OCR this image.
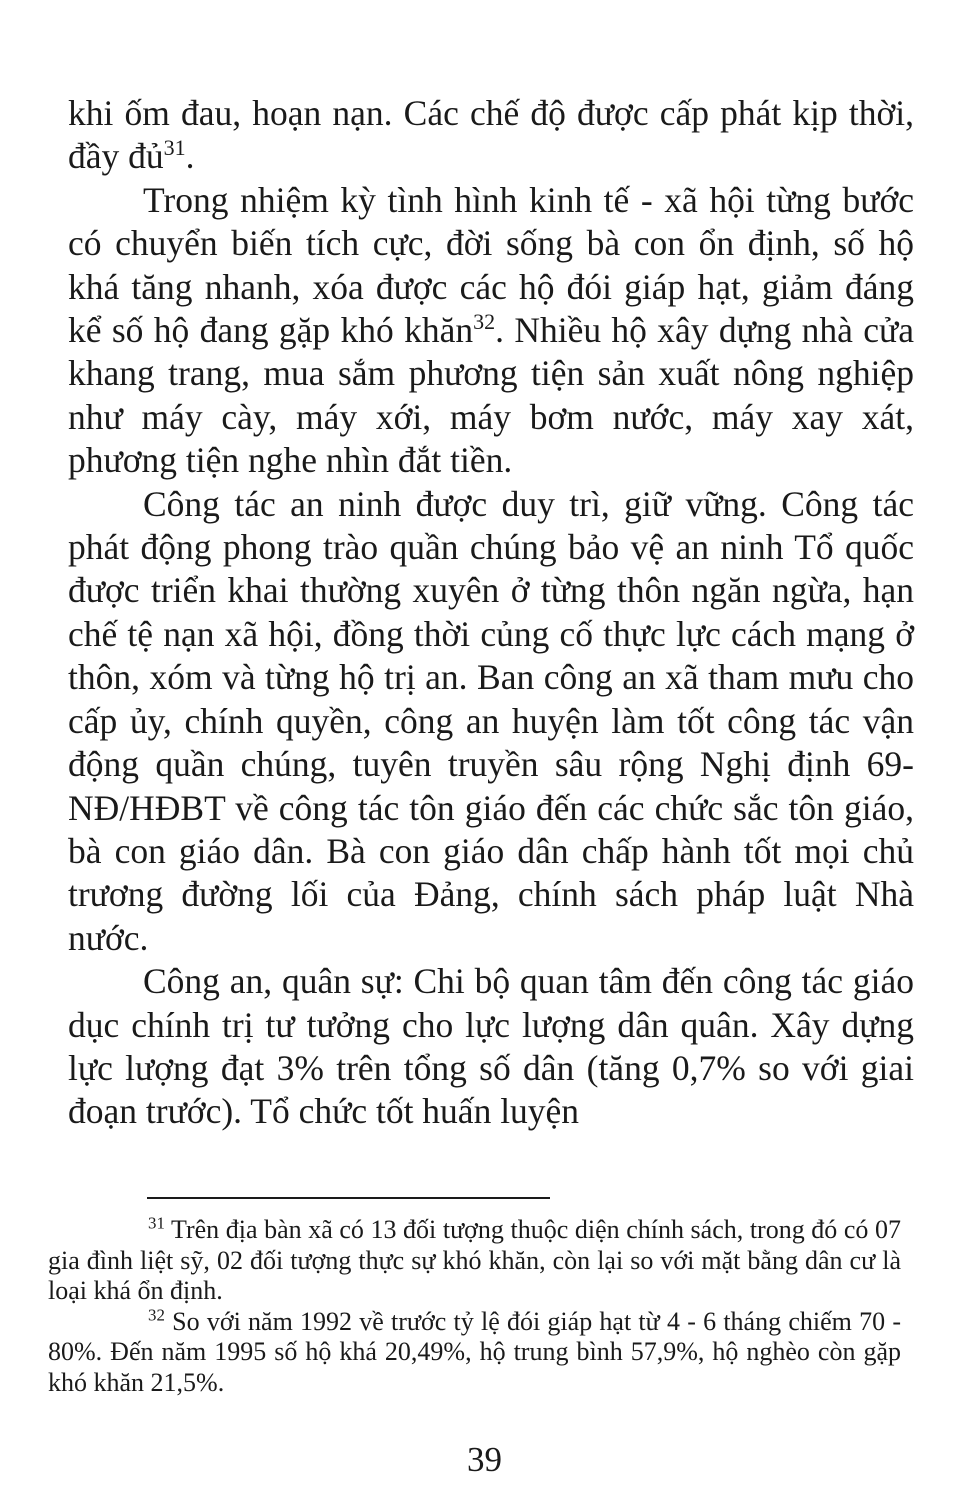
khi ốm đau, hoạn nạn. Các chế độ được cấp phát kịp thời, đầy đủ$^{31}$.

Trong nhiệm kỳ tình hình kinh tế - xã hội từng bước có chuyển biến tích cực, đời sống bà con ổn định, số hộ khá tăng nhanh, xóa được các hộ đói giáp hạt, giảm đáng kể số hộ đang gặp khó khăn$^{32}$. Nhiều hộ xây dựng nhà cửa khang trang, mua sắm phương tiện sản xuất nông nghiệp như máy cày, máy xới, máy bơm nước, máy xay xát, phương tiện nghe nhìn đắt tiền.

Công tác an ninh được duy trì, giữ vững. Công tác phát động phong trào quần chúng bảo vệ an ninh Tổ quốc được triển khai thường xuyên ở từng thôn ngăn ngừa, hạn chế tệ nạn xã hội, đồng thời củng cố thực lực cách mạng ở thôn, xóm và từng hộ trị an. Ban công an xã tham mưu cho cấp ủy, chính quyền, công an huyện làm tốt công tác vận động quần chúng, tuyên truyền sâu rộng Nghị định 69-NĐ/HĐBT về công tác tôn giáo đến các chức sắc tôn giáo, bà con giáo dân. Bà con giáo dân chấp hành tốt mọi chủ trương đường lối của Đảng, chính sách pháp luật Nhà nước.

Công an, quân sự: Chi bộ quan tâm đến công tác giáo dục chính trị tư tưởng cho lực lượng dân quân. Xây dựng lực lượng đạt 3% trên tổng số dân (tăng 0,7% so với giai đoạn trước). Tổ chức tốt huấn luyện

$^{31}$ Trên địa bàn xã có 13 đối tượng thuộc diện chính sách, trong đó có 07 gia đình liệt sỹ, 02 đối tượng thực sự khó khăn, còn lại so với mặt bằng dân cư là loại khá ổn định.

$^{32}$ So với năm 1992 về trước tỷ lệ đói giáp hạt từ 4 - 6 tháng chiếm 70 - 80%. Đến năm 1995 số hộ khá 20,49%, hộ trung bình 57,9%, hộ nghèo còn gặp khó khăn 21,5%.

39
